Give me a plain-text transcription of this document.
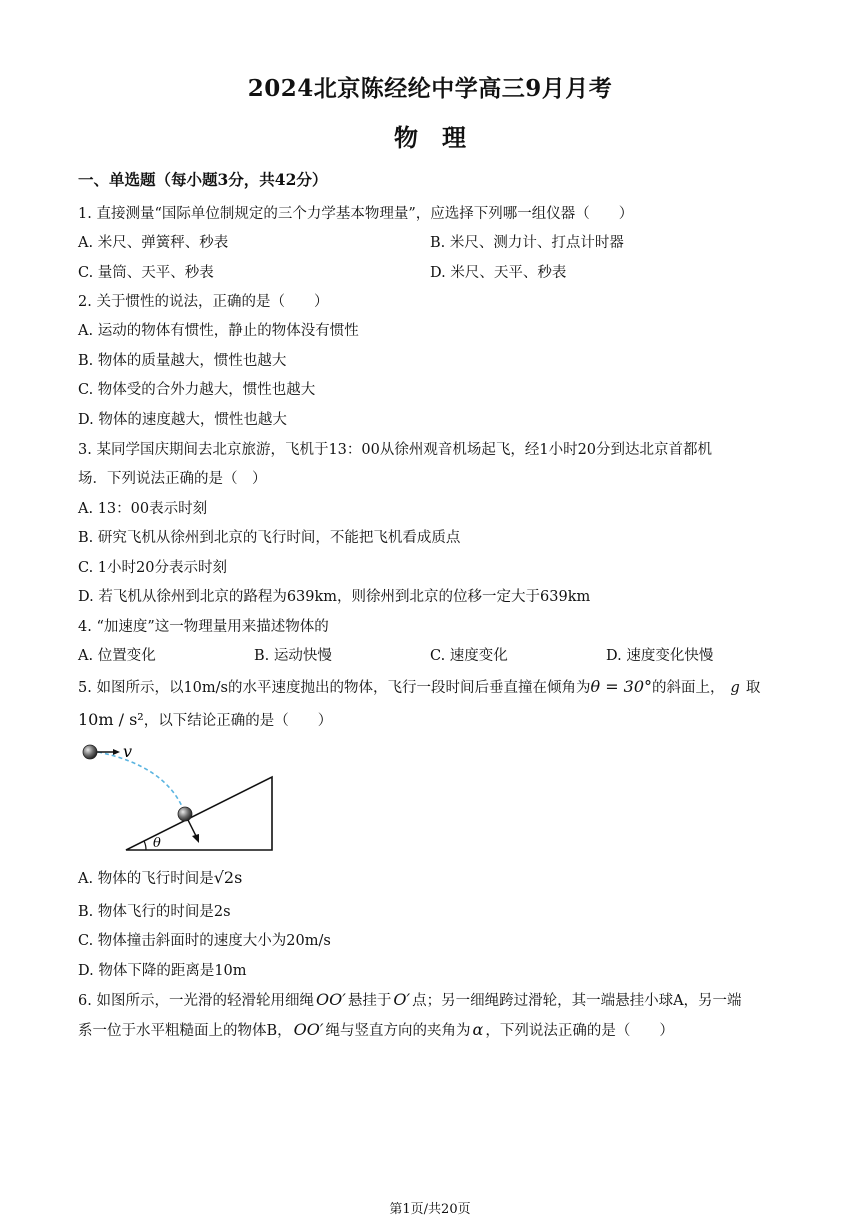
2024北京陈经纶中学高三9月月考
物　理
一、单选题（每小题3分，共42分）
1. 直接测量“国际单位制规定的三个力学基本物理量”，应选择下列哪一组仪器（　　）
A. 米尺、弹簧秤、秒表	B. 米尺、测力计、打点计时器
C. 量筒、天平、秒表	D. 米尺、天平、秒表
2. 关于惯性的说法，正确的是（　　）
A. 运动的物体有惯性，静止的物体没有惯性
B. 物体的质量越大，惯性也越大
C. 物体受的合外力越大，惯性也越大
D. 物体的速度越大，惯性也越大
3. 某同学国庆期间去北京旅游，飞机于13：00从徐州观音机场起飞，经1小时20分到达北京首都机
场．下列说法正确的是（　）
A. 13：00表示时刻
B. 研究飞机从徐州到北京的飞行时间，不能把飞机看成质点
C. 1小时20分表示时刻
D. 若飞机从徐州到北京的路程为639km，则徐州到北京的位移一定大于639km
4. “加速度”这一物理量用来描述物体的
A. 位置变化	B. 运动快慢	C. 速度变化	D. 速度变化快慢
5. 如图所示，以10m/s的水平速度抛出的物体，飞行一段时间后垂直撞在倾角为θ = 30°的斜面上， g 取
10m / s²，以下结论正确的是（　　）
v
θ
A. 物体的飞行时间是√2s
B. 物体飞行的时间是2s
C. 物体撞击斜面时的速度大小为20m/s
D. 物体下降的距离是10m
6. 如图所示，一光滑的轻滑轮用细绳 OO′ 悬挂于 O′ 点；另一细绳跨过滑轮，其一端悬挂小球A，另一端
系一位于水平粗糙面上的物体B， OO′ 绳与竖直方向的夹角为 α ，下列说法正确的是（　　）
第1页/共20页
